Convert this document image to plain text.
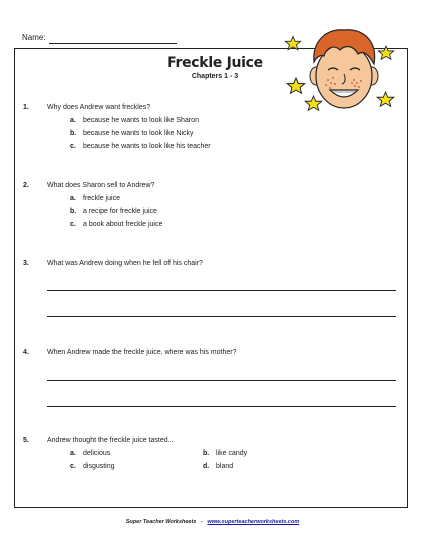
Name:
Freckle Juice
Chapters 1 - 3
1.	Why does Andrew want freckles?
a. because he wants to look like Sharon
b. because he wants to look like Nicky
c. because he wants to look like his teacher
2.	What does Sharon sell to Andrew?
a. freckle juice
b. a recipe for freckle juice
c. a book about freckle juice
3.	What was Andrew doing when he fell off his chair?
4.	When Andrew made the freckle juice, where was his mother?
5.	Andrew thought the freckle juice tasted...
a. delicious	b. like candy
c. disgusting	d. bland
Super Teacher Worksheets - www.superteacherworksheets.com
